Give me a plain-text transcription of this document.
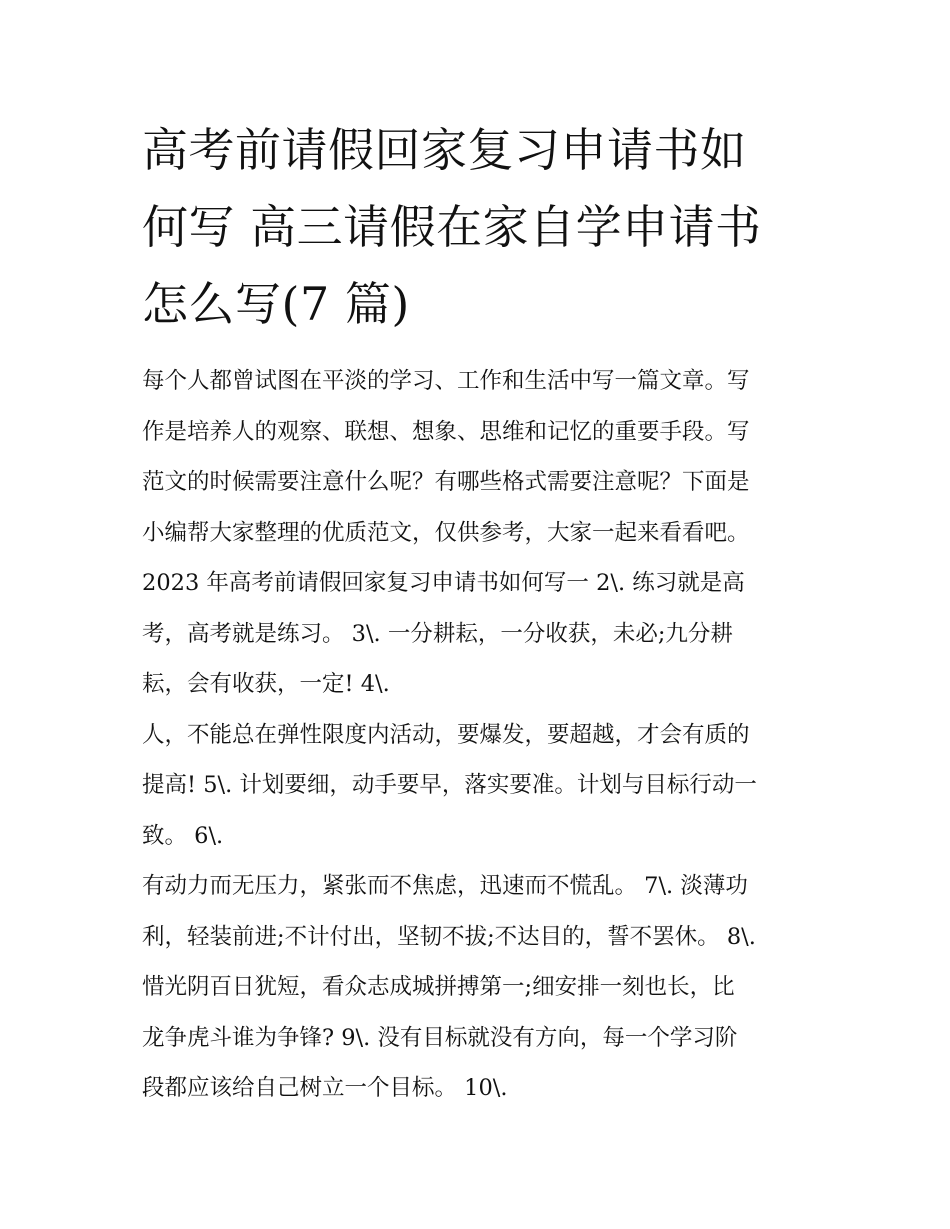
高考前请假回家复习申请书如
何写 高三请假在家自学申请书
怎么写(7 篇)
每个人都曾试图在平淡的学习、工作和生活中写一篇文章。写
作是培养人的观察、联想、想象、思维和记忆的重要手段。写
范文的时候需要注意什么呢？有哪些格式需要注意呢？下面是
小编帮大家整理的优质范文，仅供参考，大家一起来看看吧。
2023 年高考前请假回家复习申请书如何写一 2\. 练习就是高
考，高考就是练习。 3\. 一分耕耘，一分收获，未必;九分耕
耘，会有收获，一定! 4\.
人，不能总在弹性限度内活动，要爆发，要超越，才会有质的
提高! 5\. 计划要细，动手要早，落实要准。计划与目标行动一
致。 6\.
有动力而无压力，紧张而不焦虑，迅速而不慌乱。 7\. 淡薄功
利，轻装前进;不计付出，坚韧不拔;不达目的，誓不罢休。 8\.
惜光阴百日犹短，看众志成城拼搏第一;细安排一刻也长，比
龙争虎斗谁为争锋? 9\. 没有目标就没有方向，每一个学习阶
段都应该给自己树立一个目标。 10\.
